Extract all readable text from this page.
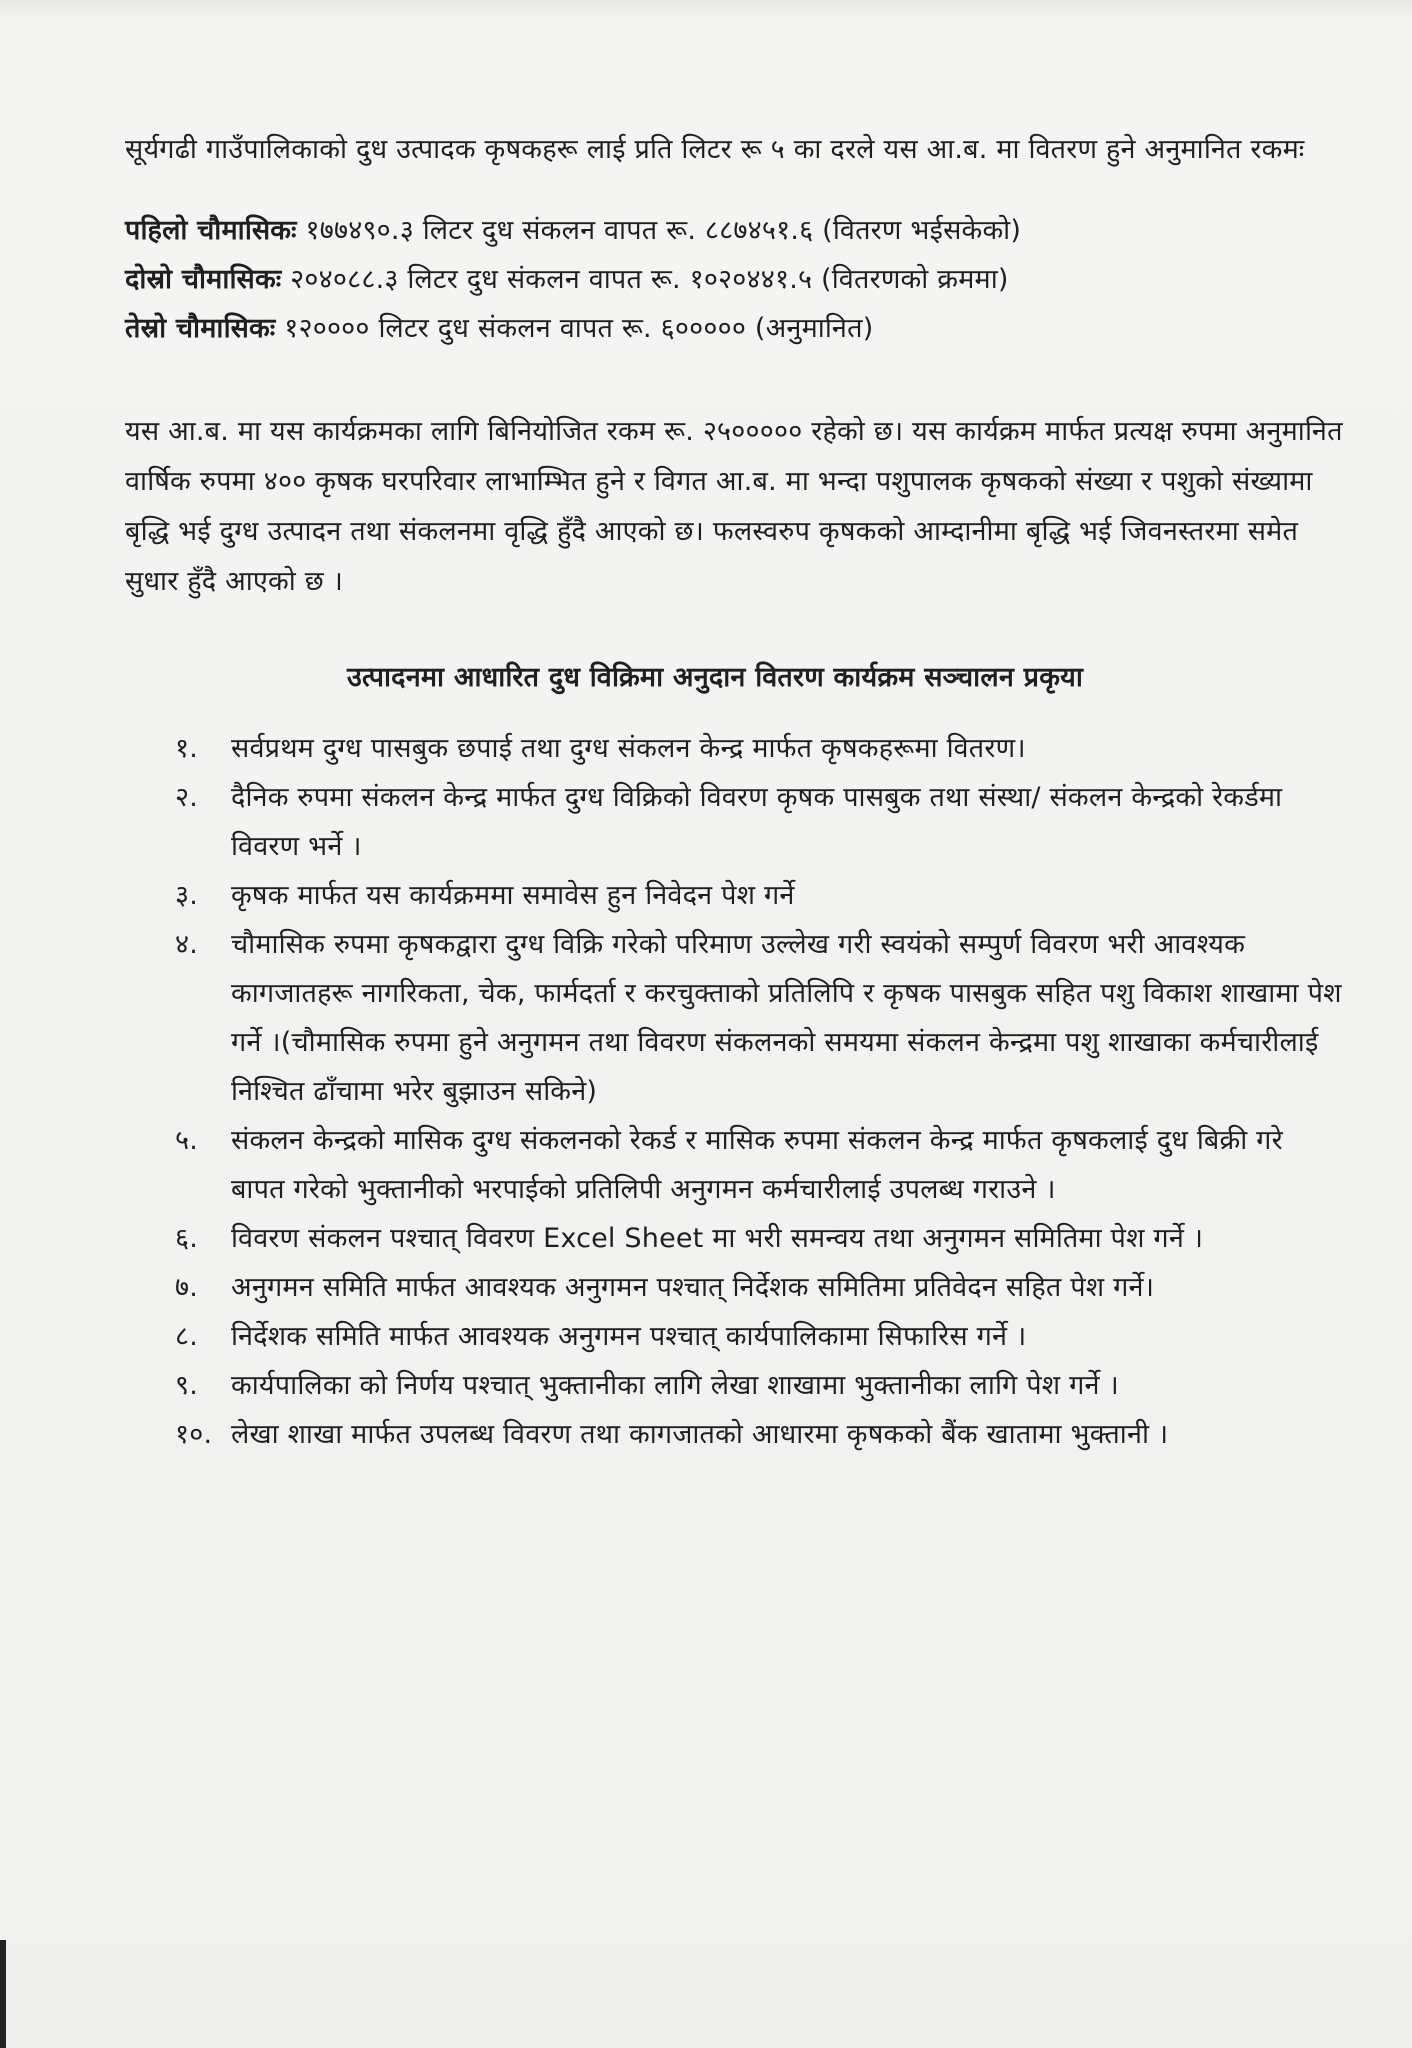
सूर्यगढी गाउँपालिकाको दुध उत्पादक कृषकहरू लाई प्रति लिटर रू ५ का दरले यस आ.ब. मा वितरण हुने अनुमानित रकमः

पहिलो चौमासिकः १७७४९०.३ लिटर दुध संकलन वापत रू. ८८७४५१.६ (वितरण भईसकेको)
दोस्रो चौमासिकः २०४०८८.३ लिटर दुध संकलन वापत रू. १०२०४४१.५ (वितरणको क्रममा)
तेस्रो चौमासिकः १२०००० लिटर दुध संकलन वापत रू. ६००००० (अनुमानित)

यस आ.ब. मा यस कार्यक्रमका लागि बिनियोजित रकम रू. २५००००० रहेको छ। यस कार्यक्रम मार्फत प्रत्यक्ष रुपमा अनुमानित वार्षिक रुपमा ४०० कृषक घरपरिवार लाभाम्भित हुने र विगत आ.ब. मा भन्दा पशुपालक कृषकको संख्या र पशुको संख्यामा बृद्धि भई दुग्ध उत्पादन तथा संकलनमा वृद्धि हुँदै आएको छ। फलस्वरुप कृषकको आम्दानीमा बृद्धि भई जिवनस्तरमा समेत सुधार हुँदै आएको छ ।

उत्पादनमा आधारित दुध विक्रिमा अनुदान वितरण कार्यक्रम सञ्चालन प्रकृया
१.	सर्वप्रथम दुग्ध पासबुक छपाई तथा दुग्ध संकलन केन्द्र मार्फत कृषकहरूमा वितरण।
२.	दैनिक रुपमा संकलन केन्द्र मार्फत दुग्ध विक्रिको विवरण कृषक पासबुक तथा संस्था/ संकलन केन्द्रको रेकर्डमा विवरण भर्ने ।
३.	कृषक मार्फत यस कार्यक्रममा समावेस हुन निवेदन पेश गर्ने
४.	चौमासिक रुपमा कृषकद्वारा दुग्ध विक्रि गरेको परिमाण उल्लेख गरी स्वयंको सम्पुर्ण विवरण भरी आवश्यक कागजातहरू नागरिकता, चेक, फार्मदर्ता र करचुक्ताको प्रतिलिपि र कृषक पासबुक सहित पशु विकाश शाखामा पेश गर्ने ।(चौमासिक रुपमा हुने अनुगमन तथा विवरण संकलनको समयमा संकलन केन्द्रमा पशु शाखाका कर्मचारीलाई निश्चित ढाँचामा भरेर बुझाउन सकिने)
५.	संकलन केन्द्रको मासिक दुग्ध संकलनको रेकर्ड र मासिक रुपमा संकलन केन्द्र मार्फत कृषकलाई दुध बिक्री गरे बापत गरेको भुक्तानीको भरपाईको प्रतिलिपी अनुगमन कर्मचारीलाई उपलब्ध गराउने ।
६.	विवरण संकलन पश्चात् विवरण Excel Sheet मा भरी समन्वय तथा अनुगमन समितिमा पेश गर्ने ।
७.	अनुगमन समिति मार्फत आवश्यक अनुगमन पश्चात् निर्देशक समितिमा प्रतिवेदन सहित पेश गर्ने।
८.	निर्देशक समिति मार्फत आवश्यक अनुगमन पश्चात् कार्यपालिकामा सिफारिस गर्ने ।
९.	कार्यपालिका को निर्णय पश्चात् भुक्तानीका लागि लेखा शाखामा भुक्तानीका लागि पेश गर्ने ।
१०. लेखा शाखा मार्फत उपलब्ध विवरण तथा कागजातको आधारमा कृषकको बैंक खातामा भुक्तानी ।
